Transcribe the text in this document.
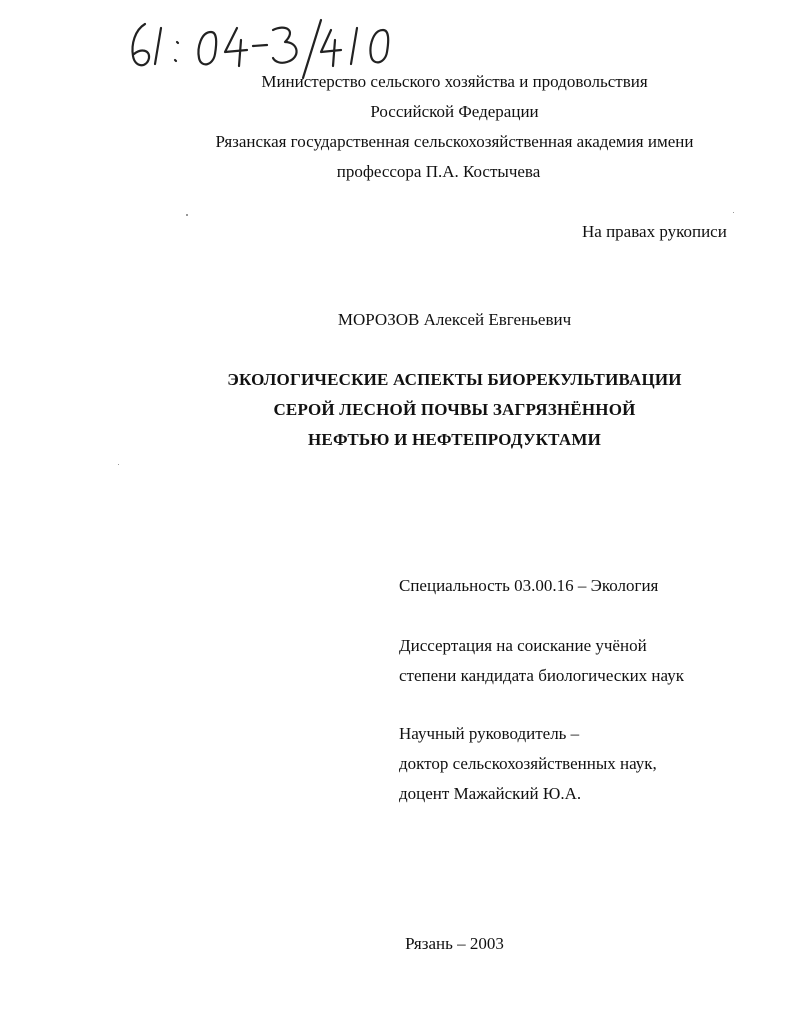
Министерство сельского хозяйства и продовольствия
Российской Федерации
Рязанская государственная сельскохозяйственная академия имени
профессора П.А. Костычева
На правах рукописи
МОРОЗОВ Алексей Евгеньевич
ЭКОЛОГИЧЕСКИЕ АСПЕКТЫ БИОРЕКУЛЬТИВАЦИИ
СЕРОЙ ЛЕСНОЙ ПОЧВЫ ЗАГРЯЗНЁННОЙ
НЕФТЬЮ И НЕФТЕПРОДУКТАМИ
Специальность 03.00.16 – Экология
Диссертация на соискание учёной
степени кандидата биологических наук
Научный руководитель –
доктор сельскохозяйственных наук,
доцент Мажайский Ю.А.
Рязань – 2003
